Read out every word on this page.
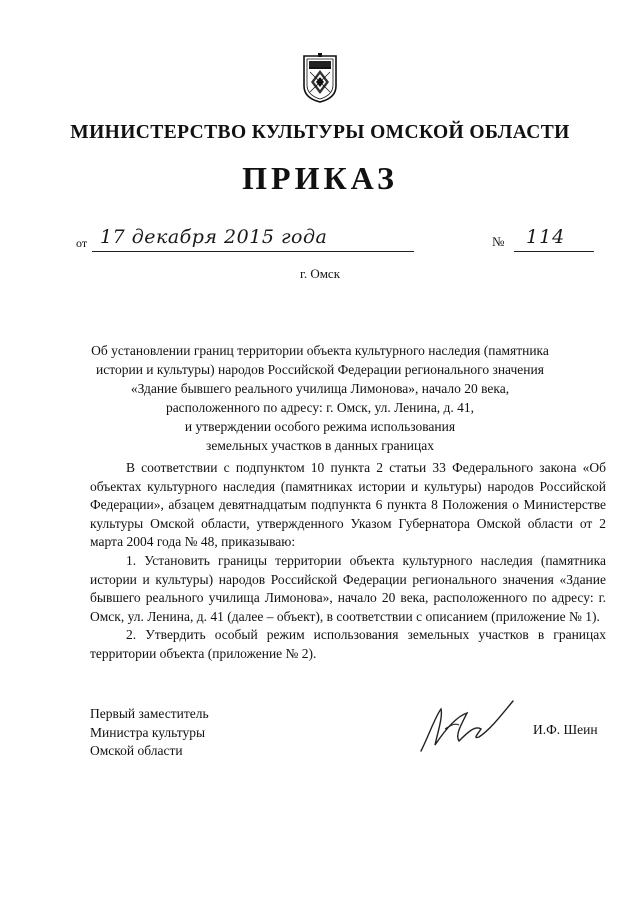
МИНИСТЕРСТВО КУЛЬТУРЫ ОМСКОЙ ОБЛАСТИ
ПРИКАЗ
от 17 декабря 2015 года	№ 114
г. Омск
Об установлении границ территории объекта культурного наследия (памятника
истории и культуры) народов Российской Федерации регионального значения
«Здание бывшего реального училища Лимонова», начало 20 века,
расположенного по адресу: г. Омск, ул. Ленина, д. 41,
и утверждении особого режима использования
земельных участков в данных границах

В соответствии с подпунктом 10 пункта 2 статьи 33 Федерального закона «Об объектах культурного наследия (памятниках истории и культуры) народов Российской Федерации», абзацем девятнадцатым подпункта 6 пункта 8 Положения о Министерстве культуры Омской области, утвержденного Указом Губернатора Омской области от 2 марта 2004 года № 48, приказываю:

1. Установить границы территории объекта культурного наследия (памятника истории и культуры) народов Российской Федерации регионального значения «Здание бывшего реального училища Лимонова», начало 20 века, расположенного по адресу: г. Омск, ул. Ленина, д. 41 (далее – объект), в соответствии с описанием (приложение № 1).

2. Утвердить особый режим использования земельных участков в границах территории объекта (приложение № 2).

Первый заместитель
Министра культуры
Омской области
И.Ф. Шеин
